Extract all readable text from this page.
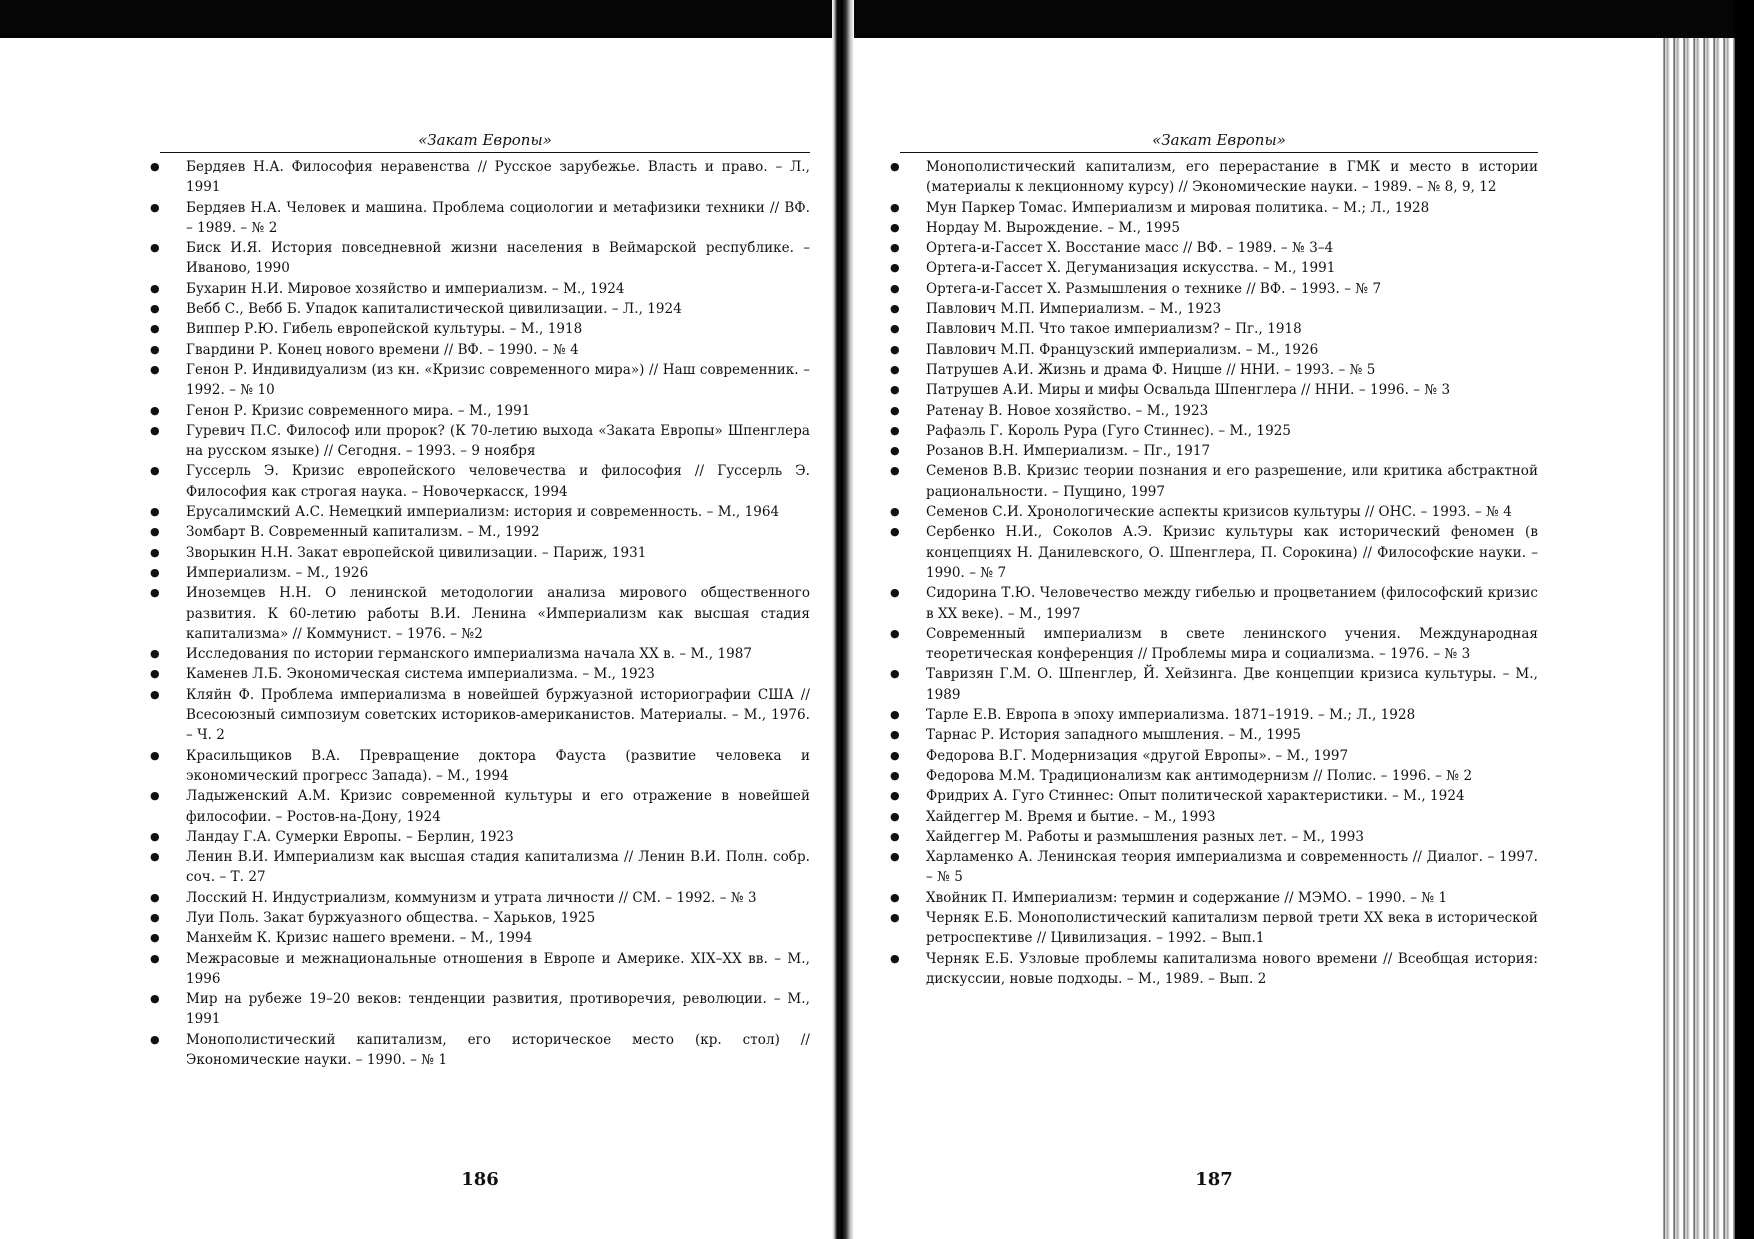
«Закат Европы»
● Бердяев Н.А. Философия неравенства // Русское зарубежье. Власть и право. – Л., 1991
● Бердяев Н.А. Человек и машина. Проблема социологии и метафизики техники // ВФ. – 1989. – № 2
● Биск И.Я. История повседневной жизни населения в Веймарской республике. – Иваново, 1990
● Бухарин Н.И. Мировое хозяйство и империализм. – М., 1924
● Вебб С., Вебб Б. Упадок капиталистической цивилизации. – Л., 1924
● Виппер Р.Ю. Гибель европейской культуры. – М., 1918
● Гвардини Р. Конец нового времени // ВФ. – 1990. – № 4
● Генон Р. Индивидуализм (из кн. «Кризис современного мира») // Наш современник. – 1992. – № 10
● Генон Р. Кризис современного мира. – М., 1991
● Гуревич П.С. Философ или пророк? (К 70-летию выхода «Заката Европы» Шпенглера на русском языке) // Сегодня. – 1993. – 9 ноября
● Гуссерль Э. Кризис европейского человечества и философия // Гуссерль Э. Философия как строгая наука. – Новочеркасск, 1994
● Ерусалимский А.С. Немецкий империализм: история и современность. – М., 1964
● Зомбарт В. Современный капитализм. – М., 1992
● Зворыкин Н.Н. Закат европейской цивилизации. – Париж, 1931
● Империализм. – М., 1926
● Иноземцев Н.Н. О ленинской методологии анализа мирового общественного развития. К 60-летию работы В.И. Ленина «Империализм как высшая стадия капитализма» // Коммунист. – 1976. – №2
● Исследования по истории германского империализма начала XX в. – М., 1987
● Каменев Л.Б. Экономическая система империализма. – М., 1923
● Кляйн Ф. Проблема империализма в новейшей буржуазной историографии США // Всесоюзный симпозиум советских историков-американистов. Материалы. – М., 1976. – Ч. 2
● Красильщиков В.А. Превращение доктора Фауста (развитие человека и экономический прогресс Запада). – М., 1994
● Ладыженский А.М. Кризис современной культуры и его отражение в новейшей философии. – Ростов-на-Дону, 1924
● Ландау Г.А. Сумерки Европы. – Берлин, 1923
● Ленин В.И. Империализм как высшая стадия капитализма // Ленин В.И. Полн. собр. соч. – Т. 27
● Лосский Н. Индустриализм, коммунизм и утрата личности // СМ. – 1992. – № 3
● Луи Поль. Закат буржуазного общества. – Харьков, 1925
● Манхейм К. Кризис нашего времени. – М., 1994
● Межрасовые и межнациональные отношения в Европе и Америке. XIX–XX вв. – М., 1996
● Мир на рубеже 19–20 веков: тенденции развития, противоречия, революции. – М., 1991
● Монополистический капитализм, его историческое место (кр. стол) // Экономические науки. – 1990. – № 1
186
«Закат Европы»
● Монополистический капитализм, его перерастание в ГМК и место в истории (материалы к лекционному курсу) // Экономические науки. – 1989. – № 8, 9, 12
● Мун Паркер Томас. Империализм и мировая политика. – М.; Л., 1928
● Нордау М. Вырождение. – М., 1995
● Ортега-и-Гассет Х. Восстание масс // ВФ. – 1989. – № 3–4
● Ортега-и-Гассет Х. Дегуманизация искусства. – М., 1991
● Ортега-и-Гассет Х. Размышления о технике // ВФ. – 1993. – № 7
● Павлович М.П. Империализм. – М., 1923
● Павлович М.П. Что такое империализм? – Пг., 1918
● Павлович М.П. Французский империализм. – М., 1926
● Патрушев А.И. Жизнь и драма Ф. Ницше // ННИ. – 1993. – № 5
● Патрушев А.И. Миры и мифы Освальда Шпенглера // ННИ. – 1996. – № 3
● Ратенау В. Новое хозяйство. – М., 1923
● Рафаэль Г. Король Рура (Гуго Стиннес). – М., 1925
● Розанов В.Н. Империализм. – Пг., 1917
● Семенов В.В. Кризис теории познания и его разрешение, или критика абстрактной рациональности. – Пущино, 1997
● Семенов С.И. Хронологические аспекты кризисов культуры // ОНС. – 1993. – № 4
● Сербенко Н.И., Соколов А.Э. Кризис культуры как исторический феномен (в концепциях Н. Данилевского, О. Шпенглера, П. Сорокина) // Философские науки. – 1990. – № 7
● Сидорина Т.Ю. Человечество между гибелью и процветанием (философский кризис в XX веке). – М., 1997
● Современный империализм в свете ленинского учения. Международная теоретическая конференция // Проблемы мира и социализма. – 1976. – № 3
● Тавризян Г.М. О. Шпенглер, Й. Хейзинга. Две концепции кризиса культуры. – М., 1989
● Тарле Е.В. Европа в эпоху империализма. 1871–1919. – М.; Л., 1928
● Тарнас Р. История западного мышления. – М., 1995
● Федорова В.Г. Модернизация «другой Европы». – М., 1997
● Федорова М.М. Традиционализм как антимодернизм // Полис. – 1996. – № 2
● Фридрих А. Гуго Стиннес: Опыт политической характеристики. – М., 1924
● Хайдеггер М. Время и бытие. – М., 1993
● Хайдеггер М. Работы и размышления разных лет. – М., 1993
● Харламенко А. Ленинская теория империализма и современность // Диалог. – 1997. – № 5
● Хвойник П. Империализм: термин и содержание // МЭМО. – 1990. – № 1
● Черняк Е.Б. Монополистический капитализм первой трети XX века в исторической ретроспективе // Цивилизация. – 1992. – Вып.1
● Черняк Е.Б. Узловые проблемы капитализма нового времени // Всеобщая история: дискуссии, новые подходы. – М., 1989. – Вып. 2
187
